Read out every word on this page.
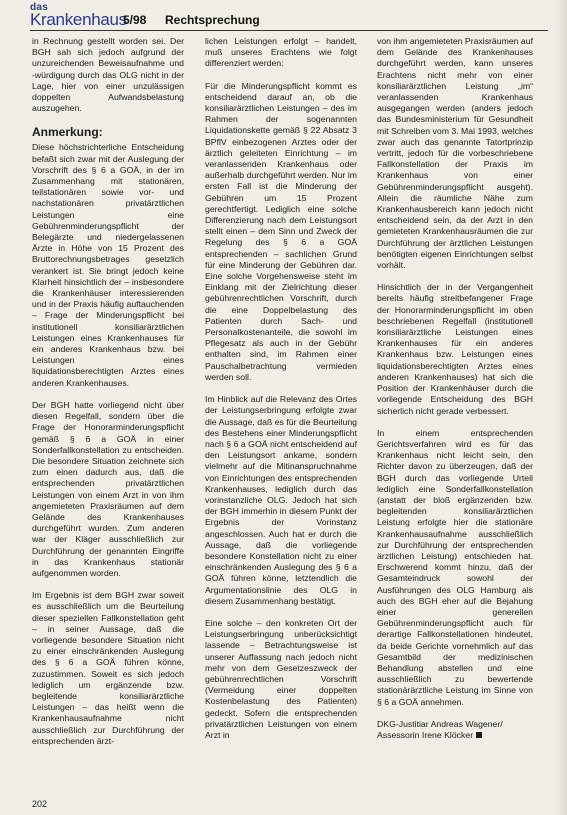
das
Krankenhaus
5/98 Rechtsprechung

in Rechnung gestellt worden sei. Der BGH sah sich jedoch aufgrund der unzureichenden Beweisaufnahme und -würdigung durch das OLG nicht in der Lage, hier von einer unzulässigen doppelten Aufwandsbelastung auszugehen.

Anmerkung:

Diese höchstrichterliche Entscheidung befaßt sich zwar mit der Auslegung der Vorschrift des § 6 a GOÄ, in der im Zusammenhang mit stationären, teilstationären sowie vor- und nachstationären privatärztlichen Leistungen eine Gebührenminderungspflicht der Belegärzte und niedergelassenen Ärzte in Höhe von 15 Prozent des Bruttorechnungsbetrages gesetzlich verankert ist. Sie bringt jedoch keine Klarheit hinsichtlich der – insbesondere die Krankenhäuser interessierenden und in der Praxis häufig auftauchenden – Frage der Minderungspflicht bei institutionell konsiliarärztlichen Leistungen eines Krankenhauses für ein anderes Krankenhaus bzw. bei Leistungen eines liquidationsberechtigten Arztes eines anderen Krankenhauses.

Der BGH hatte vorliegend nicht über diesen Regelfall, sondern über die Frage der Honorarminderungspflicht gemäß § 6 a GOÄ in einer Sonderfallkonstellation zu entscheiden. Die besondere Situation zeichnete sich zum einen dadurch aus, daß die entsprechenden privatärztlichen Leistungen von einem Arzt in von ihm angemieteten Praxisräumen auf dem Gelände des Krankenhauses durchgeführt wurden. Zum anderen war der Kläger ausschließlich zur Durchführung der genannten Eingriffe in das Krankenhaus stationär aufgenommen worden.

Im Ergebnis ist dem BGH zwar soweit es ausschließlich um die Beurteilung dieser speziellen Fallkonstellation geht – in seiner Aussage, daß die vorliegende besondere Situation nicht zu einer einschränkenden Auslegung des § 6 a GOÄ führen könne, zuzustimmen. Soweit es sich jedoch lediglich um ergänzende bzw. begleitende konsiliarärztliche Leistungen – das heißt wenn die Krankenhausaufnahme nicht ausschließlich zur Durchführung der entsprechenden ärzt-

lichen Leistungen erfolgt – handelt, muß unseres Erachtens wie folgt differenziert werden:

Für die Minderungspflicht kommt es entscheidend darauf an, ob die konsiliarärztlichen Leistungen – des im Rahmen der sogenannten Liquidationskette gemäß § 22 Absatz 3 BPflV einbezogenen Arztes oder der ärztlich geleiteten Einrichtung – im veranlassenden Krankenhaus oder außerhalb durchgeführt werden. Nur im ersten Fall ist die Minderung der Gebühren um 15 Prozent gerechtfertigt. Lediglich eine solche Differenzierung nach dem Leistungsort stellt einen – dem Sinn und Zweck der Regelung des § 6 a GOÄ entsprechenden – sachlichen Grund für eine Minderung der Gebühren dar. Eine solche Vorgehensweise steht im Einklang mit der Zielrichtung dieser gebührenrechtlichen Vorschrift, durch die eine Doppelbelastung des Patienten durch Sach- und Personalkostenanteile, die sowohl im Pflegesatz als auch in der Gebühr enthalten sind, im Rahmen einer Pauschalbetrachtung vermieden werden soll.

Im Hinblick auf die Relevanz des Ortes der Leistungserbringung erfolgte zwar die Aussage, daß es für die Beurteilung des Bestehens einer Minderungspflicht nach § 6 a GOÄ nicht entscheidend auf den Leistungsort ankame, sondern vielmehr auf die Mitinanspruchnahme von Einrichtungen des entsprechenden Krankenhauses, lediglich durch das vorinstanzliche OLG. Jedoch hat sich der BGH immerhin in diesem Punkt der Ergebnis der Vorinstanz angeschlossen. Auch hat er durch die Aussage, daß die vorliegende besondere Konstellation nicht zu einer einschränkenden Auslegung des § 6 a GOÄ führen könne, letztendlich die Argumentationslinie des OLG in diesem Zusammenhang bestätigt.

Eine solche – den konkreten Ort der Leistungserbringung unberücksichtigt lassende – Betrachtungsweise ist unserer Auffassung nach jedoch nicht mehr von dem Gesetzeszweck der gebührenrechtlichen Vorschrift (Vermeidung einer doppelten Kostenbelastung des Patienten) gedeckt. Sofern die entsprechenden privatärztlichen Leistungen von einem Arzt in

von ihm angemieteten Praxisräumen auf dem Gelände des Krankenhauses durchgeführt werden, kann unseres Erachtens nicht mehr von einer konsiliarärztlichen Leistung „im“ veranlassenden Krankenhaus ausgegangen werden (anders jedoch das Bundesministerium für Gesundheit mit Schreiben vom 3. Mai 1993, welches zwar auch das genannte Tatortprinzip vertritt, jedoch für die vorbeschriebene Fallkonstellation der Praxis im Krankenhaus von einer Gebührenminderungspflicht ausgeht). Allein die räumliche Nähe zum Krankenhausbereich kann jedoch nicht entscheidend sein, da der Arzt in den gemieteten Krankenhausräumen die zur Durchführung der ärztlichen Leistungen benötigten eigenen Einrichtungen selbst vorhält.

Hinsichtlich der in der Vergangenheit bereits häufig streitbefangener Frage der Honorarminderungspflicht im oben beschriebenen Regelfall (institutionell konsiliarärztliche Leistungen eines Krankenhauses für ein anderes Krankenhaus bzw. Leistungen eines liquidationsberechtigten Arztes eines anderen Krankenhauses) hat sich die Position der Krankenhäuser durch die vorliegende Entscheidung des BGH sicherlich nicht gerade verbessert.

In einem entsprechenden Gerichtsverfahren wird es für das Krankenhaus nicht leicht sein, den Richter davon zu überzeugen, daß der BGH durch das vorliegende Urteil lediglich eine Sonderfallkonstellation (anstatt der bloß ergänzenden bzw. begleitenden konsiliarärztlichen Leistung erfolgte hier die stationäre Krankenhausaufnahme ausschließlich zur Durchführung der entsprechenden ärztlichen Leistung) entschieden hat. Erschwerend kommt hinzu, daß der Gesamteindruck sowohl der Ausführungen des OLG Hamburg als auch des BGH eher auf die Bejahung einer generellen Gebührenminderungspflicht auch für derartige Fallkonstellationen hindeutet, da beide Gerichte vornehmlich auf das Gesamtbild der medizinischen Behandlung abstellen und eine ausschließlich zu bewertende stationärärztliche Leistung im Sinne von § 6 a GOÄ annehmen.

DKG-Justitiar Andreas Wagener/
Assessorin Irene Klöcker

202
